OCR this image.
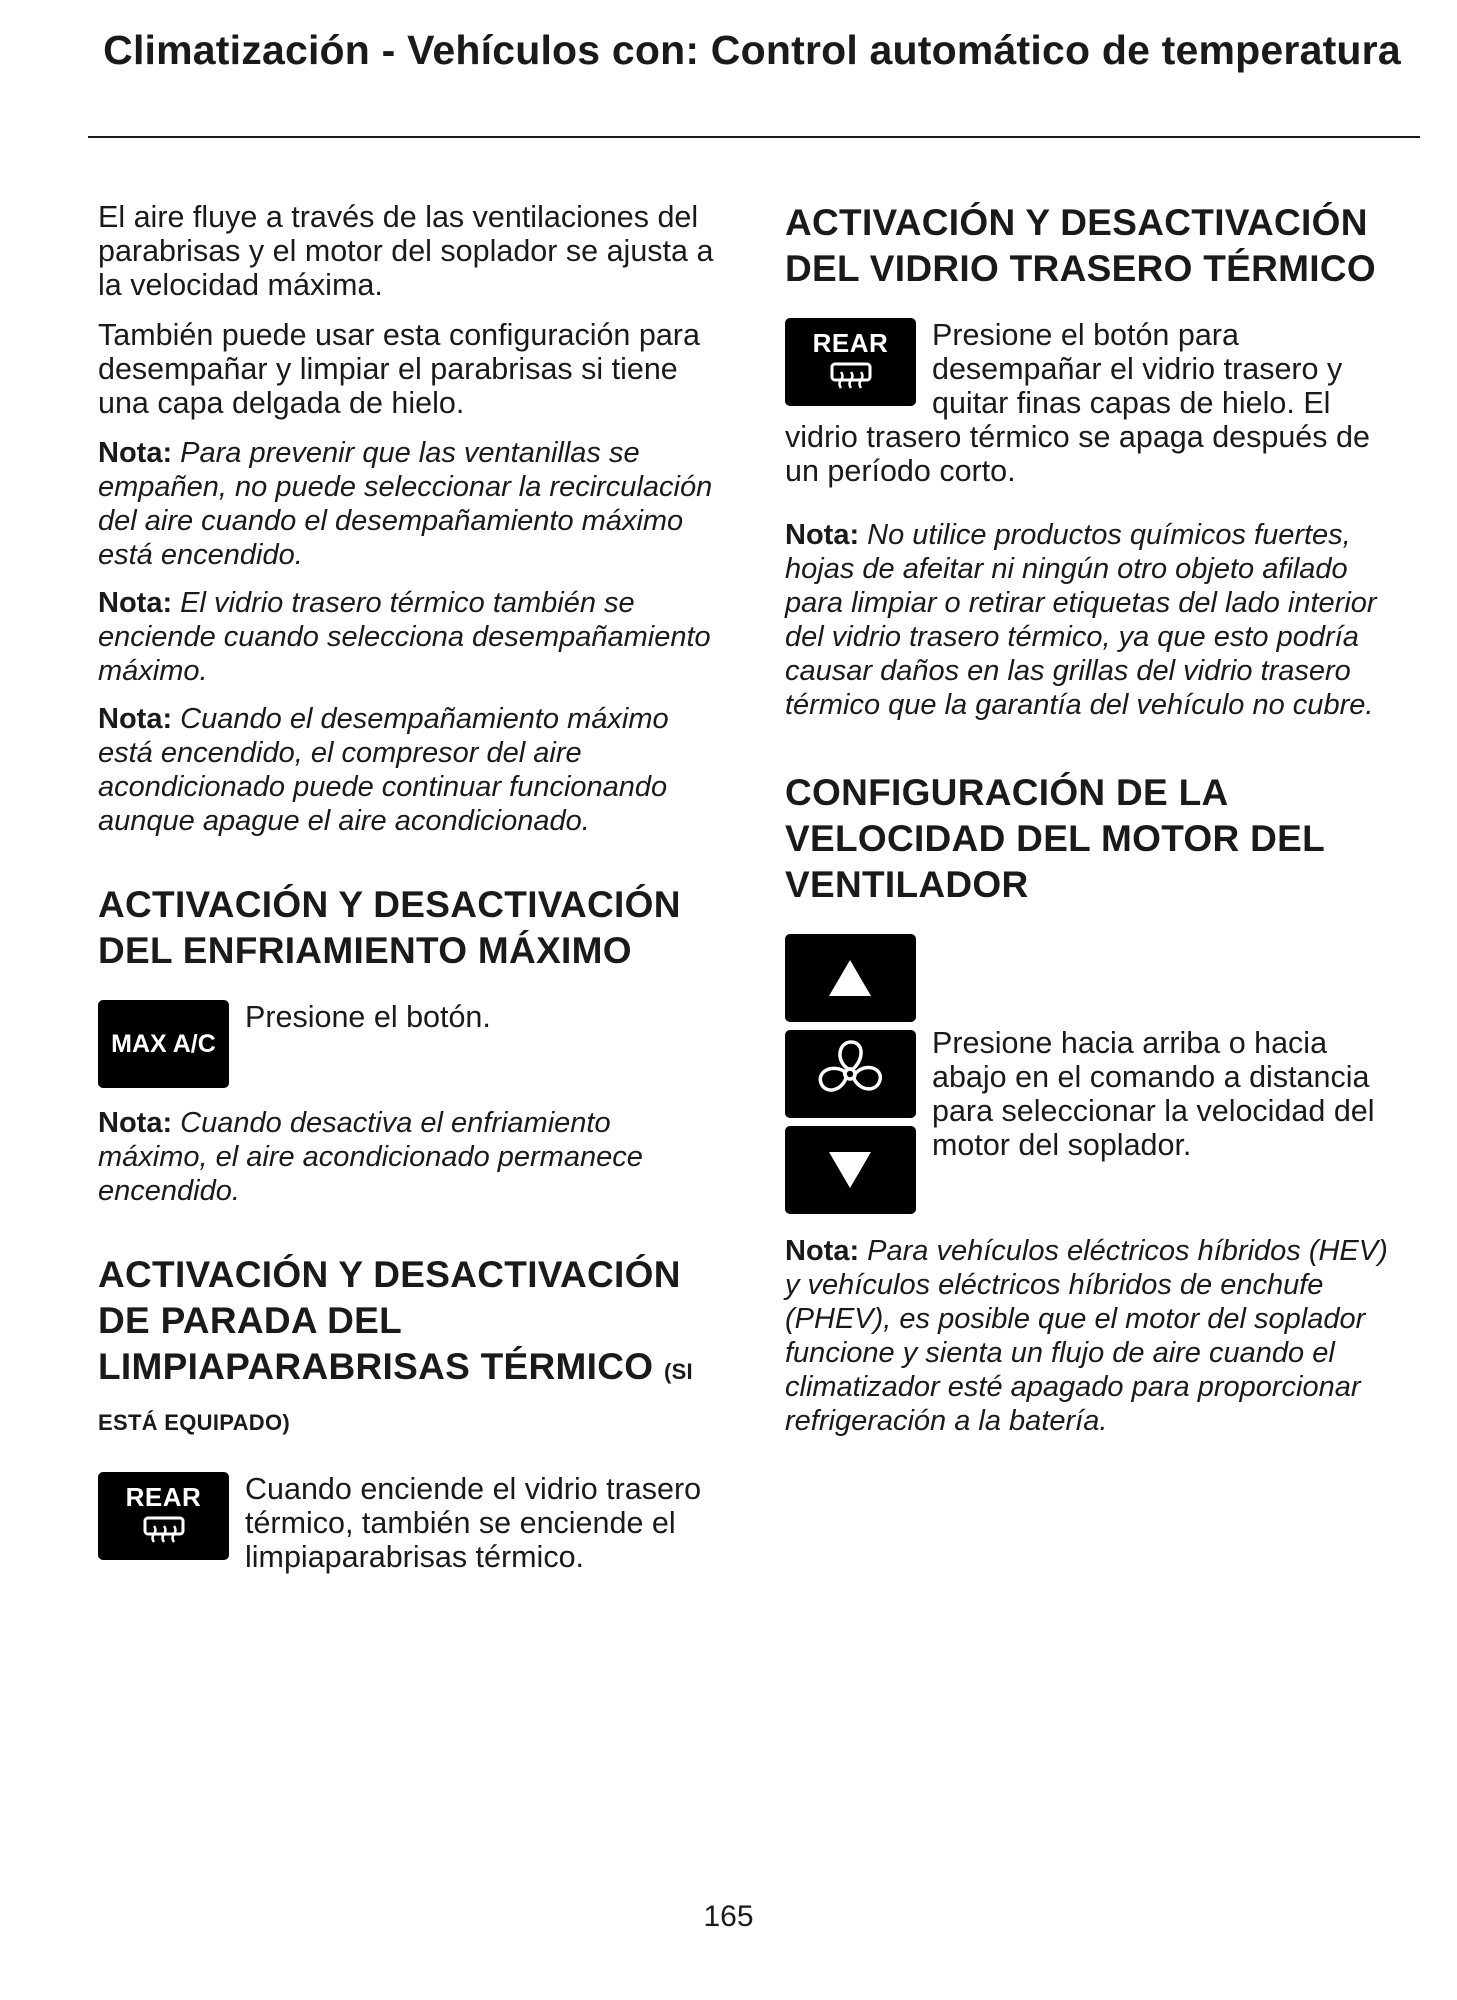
Climatización - Vehículos con: Control automático de temperatura

El aire fluye a través de las ventilaciones del parabrisas y el motor del soplador se ajusta a la velocidad máxima.

También puede usar esta configuración para desempañar y limpiar el parabrisas si tiene una capa delgada de hielo.

Nota: Para prevenir que las ventanillas se empañen, no puede seleccionar la recirculación del aire cuando el desempañamiento máximo está encendido.

Nota: El vidrio trasero térmico también se enciende cuando selecciona desempañamiento máximo.

Nota: Cuando el desempañamiento máximo está encendido, el compresor del aire acondicionado puede continuar funcionando aunque apague el aire acondicionado.

ACTIVACIÓN Y DESACTIVACIÓN DEL ENFRIAMIENTO MÁXIMO
MAX A/C

Presione el botón.

Nota: Cuando desactiva el enfriamiento máximo, el aire acondicionado permanece encendido.

ACTIVACIÓN Y DESACTIVACIÓN DE PARADA DEL LIMPIAPARABRISAS TÉRMICO (SI ESTÁ EQUIPADO)
REAR	Cuando enciende el vidrio trasero térmico, también se enciende el limpiaparabrisas térmico.

ACTIVACIÓN Y DESACTIVACIÓN DEL VIDRIO TRASERO TÉRMICO
REAR	Presione el botón para desempañar el vidrio trasero y quitar finas capas de hielo. El vidrio trasero térmico se apaga después de un período corto.

Nota: No utilice productos químicos fuertes, hojas de afeitar ni ningún otro objeto afilado para limpiar o retirar etiquetas del lado interior del vidrio trasero térmico, ya que esto podría causar daños en las grillas del vidrio trasero térmico que la garantía del vehículo no cubre.

CONFIGURACIÓN DE LA VELOCIDAD DEL MOTOR DEL VENTILADOR

Presione hacia arriba o hacia abajo en el comando a distancia para seleccionar la velocidad del motor del soplador.

Nota: Para vehículos eléctricos híbridos (HEV) y vehículos eléctricos híbridos de enchufe (PHEV), es posible que el motor del soplador funcione y sienta un flujo de aire cuando el climatizador esté apagado para proporcionar refrigeración a la batería.

165
